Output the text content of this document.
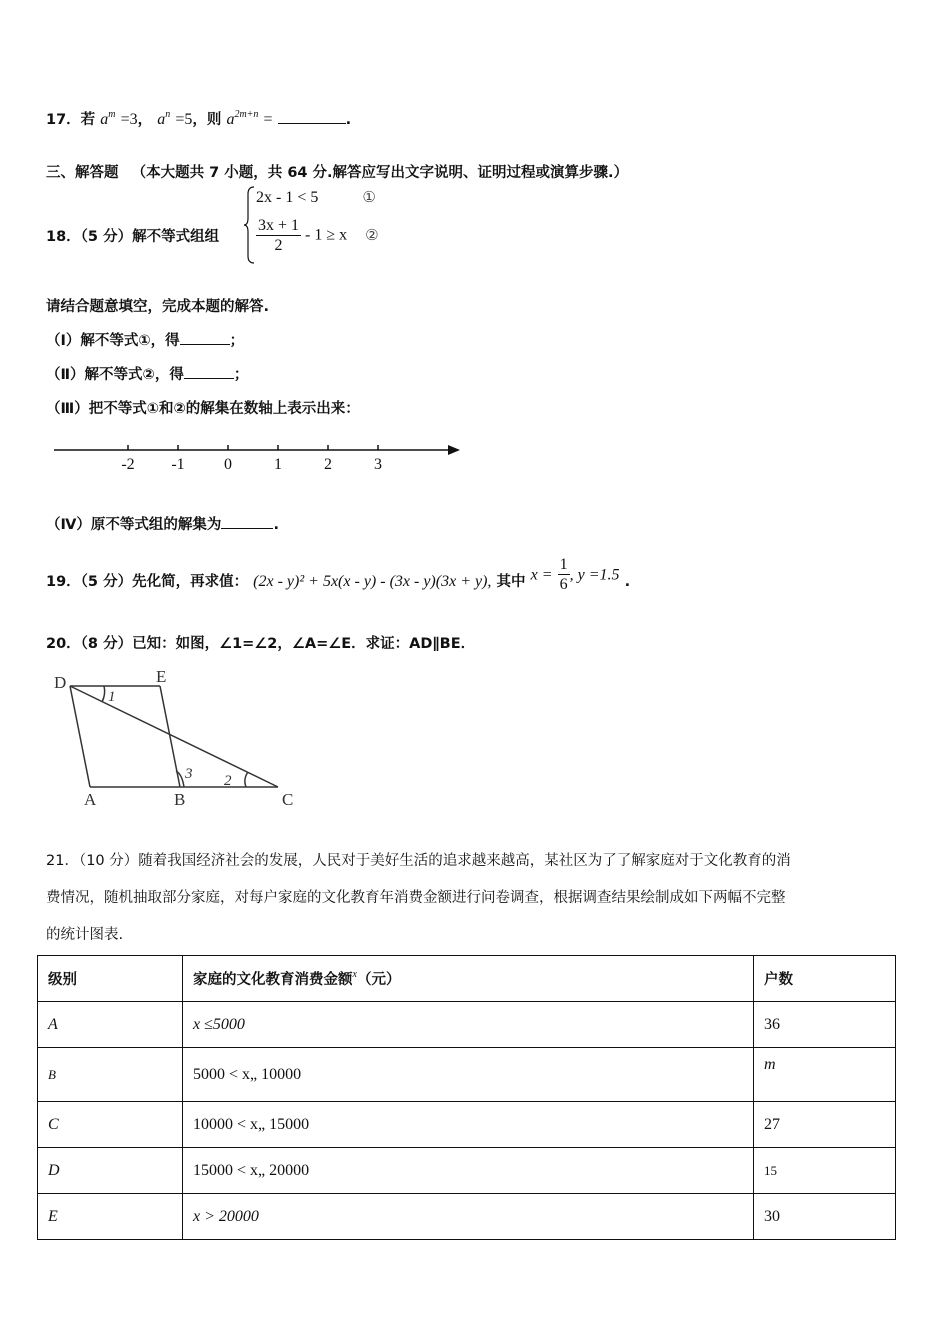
17．若 $a^m =3$， $a^n =5$，则 $a^{2m+n}$ =	.
三、解答题 （本大题共 7 小题，共 64 分.解答应写出文字说明、证明过程或演算步骤.）
18．（5 分）解不等式组组
2x - 1 < 5	①
$\frac{3x + 1}{2} - 1 \ge x$ ②
请结合题意填空，完成本题的解答.
（Ⅰ）解不等式①，得	；
（Ⅱ）解不等式②，得	；
（Ⅲ）把不等式①和②的解集在数轴上表示出来：
-2 -1 0	1	2	3
（Ⅳ）原不等式组的解集为	.
19．（5 分）先化简，再求值： (2x - y)² + 5x(x - y) - (3x - y)(3x + y), 其中 $x = \frac{1}{6}$ , y =1.5 .
20．（8 分）已知：如图，∠1=∠2，∠A=∠E．求证：AD∥BE．
D	E
A	B	C
1
2
3
21．（10 分）随着我国经济社会的发展，人民对于美好生活的追求越来越高，某社区为了了解家庭对于文化教育的消
费情况，随机抽取部分家庭，对每户家庭的文化教育年消费金额进行问卷调查，根据调查结果绘制成如下两幅不完整
的统计图表.
级别	家庭的文化教育消费金额$^x$（元）	户数
A	x ≤5000	36
B	5000 < x„ 10000	m
C	10000 < x„ 15000	27
D	15000 < x„ 20000	15
E	x > 20000	30
